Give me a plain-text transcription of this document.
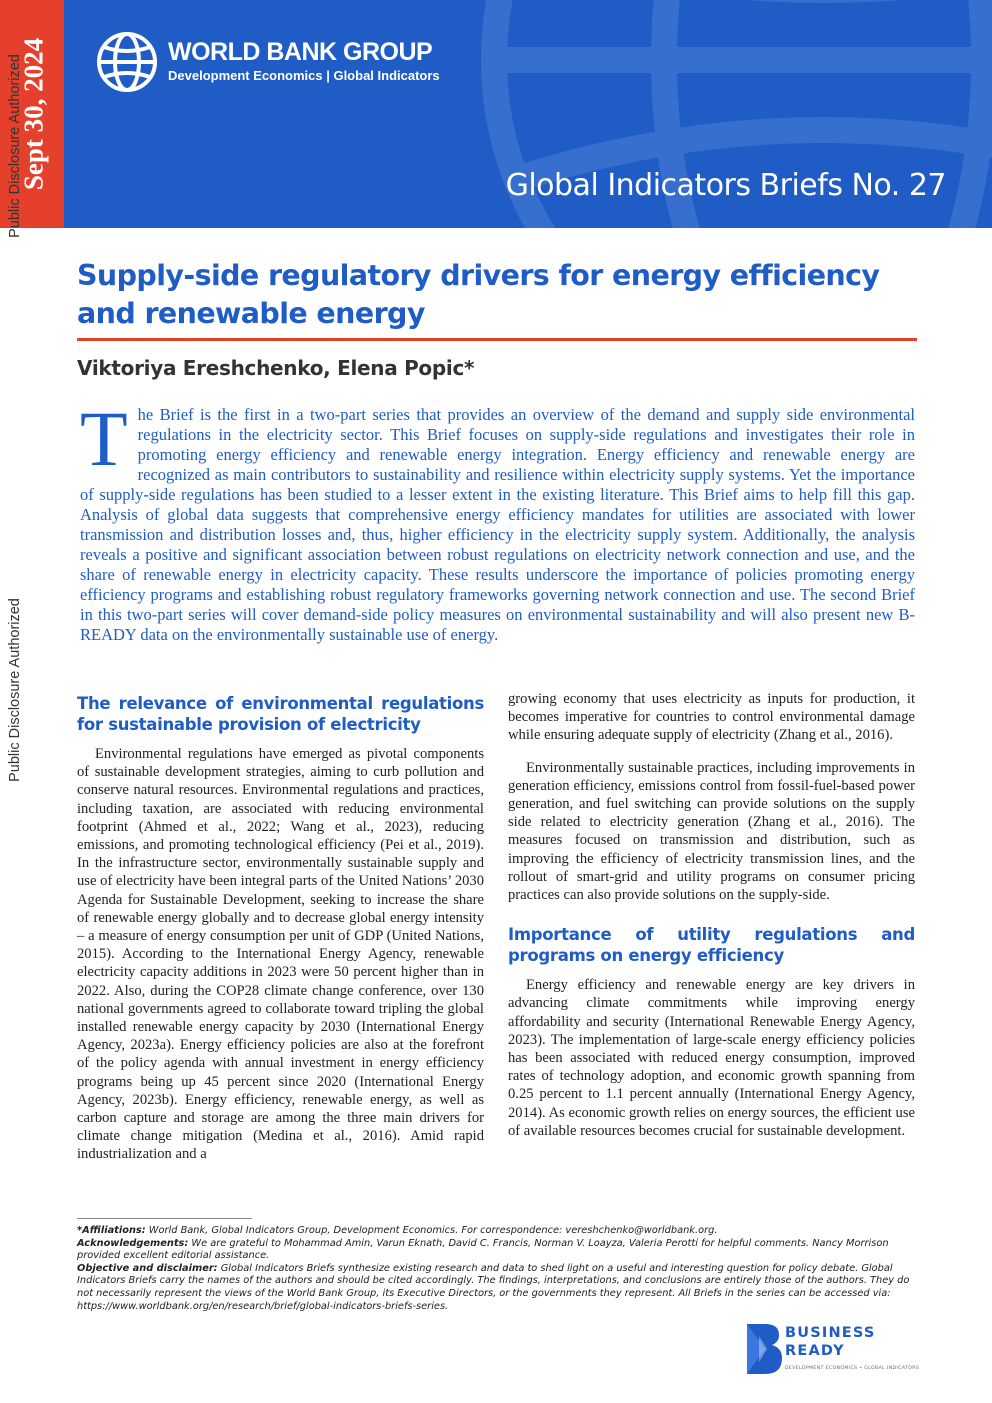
Sept 30, 2024
Public Disclosure Authorized
Public Disclosure Authorized
WORLD BANK GROUP
Development Economics | Global Indicators
Global Indicators Briefs No. 27
Supply-side regulatory drivers for energy efficiency
and renewable energy
Viktoriya Ereshchenko, Elena Popic*
The Brief is the first in a two-part series that provides an overview of the demand and supply side environmental regulations in the electricity sector. This Brief focuses on supply-side regulations and investigates their role in promoting energy efficiency and renewable energy integration. Energy efficiency and renewable energy are recognized as main contributors to sustainability and resilience within electricity supply systems. Yet the importance of supply-side regulations has been studied to a lesser extent in the existing literature. This Brief aims to help fill this gap. Analysis of global data suggests that comprehensive energy efficiency mandates for utilities are associated with lower transmission and distribution losses and, thus, higher efficiency in the electricity supply system. Additionally, the analysis reveals a positive and significant association between robust regulations on electricity network connection and use, and the share of renewable energy in electricity capacity. These results underscore the importance of policies promoting energy efficiency programs and establishing robust regulatory frameworks governing network connection and use. The second Brief in this two-part series will cover demand-side policy measures on environmental sustainability and will also present new B-READY data on the environmentally sustainable use of energy.
The relevance of environmental regulations for sustainable provision of electricity

Environmental regulations have emerged as pivotal components of sustainable development strategies, aiming to curb pollution and conserve natural resources. Environmental regulations and practices, including taxation, are associated with reducing environmental footprint (Ahmed et al., 2022; Wang et al., 2023), reducing emissions, and promoting technological efficiency (Pei et al., 2019). In the infrastructure sector, environmentally sustainable supply and use of electricity have been integral parts of the United Nations’ 2030 Agenda for Sustainable Development, seeking to increase the share of renewable energy globally and to decrease global energy intensity – a measure of energy consumption per unit of GDP (United Nations, 2015). According to the International Energy Agency, renewable electricity capacity additions in 2023 were 50 percent higher than in 2022. Also, during the COP28 climate change conference, over 130 national governments agreed to collaborate toward tripling the global installed renewable energy capacity by 2030 (International Energy Agency, 2023a). Energy efficiency policies are also at the forefront of the policy agenda with annual investment in energy efficiency programs being up 45 percent since 2020 (International Energy Agency, 2023b). Energy efficiency, renewable energy, as well as carbon capture and storage are among the three main drivers for climate change mitigation (Medina et al., 2016). Amid rapid industrialization and a

growing economy that uses electricity as inputs for production, it becomes imperative for countries to control environmental damage while ensuring adequate supply of electricity (Zhang et al., 2016).

Environmentally sustainable practices, including improvements in generation efficiency, emissions control from fossil-fuel-based power generation, and fuel switching can provide solutions on the supply side related to electricity generation (Zhang et al., 2016). The measures focused on transmission and distribution, such as improving the efficiency of electricity transmission lines, and the rollout of smart-grid and utility programs on consumer pricing practices can also provide solutions on the supply-side.

Importance of utility regulations and programs on energy efficiency

Energy efficiency and renewable energy are key drivers in advancing climate commitments while improving energy affordability and security (International Renewable Energy Agency, 2023). The implementation of large-scale energy efficiency policies has been associated with reduced energy consumption, improved rates of technology adoption, and economic growth spanning from 0.25 percent to 1.1 percent annually (International Energy Agency, 2014). As economic growth relies on energy sources, the efficient use of available resources becomes crucial for sustainable development.

*Affiliations: World Bank, Global Indicators Group, Development Economics. For correspondence: vereshchenko@worldbank.org.

Acknowledgements: We are grateful to Mohammad Amin, Varun Eknath, David C. Francis, Norman V. Loayza, Valeria Perotti for helpful comments. Nancy Morrison provided excellent editorial assistance.

Objective and disclaimer: Global Indicators Briefs synthesize existing research and data to shed light on a useful and interesting question for policy debate. Global Indicators Briefs carry the names of the authors and should be cited accordingly. The findings, interpretations, and conclusions are entirely those of the authors. They do not necessarily represent the views of the World Bank Group, its Executive Directors, or the governments they represent. All Briefs in the series can be accessed via: https://www.worldbank.org/en/research/brief/global-indicators-briefs-series.

BUSINESS
READY
DEVELOPMENT ECONOMICS • GLOBAL INDICATORS
